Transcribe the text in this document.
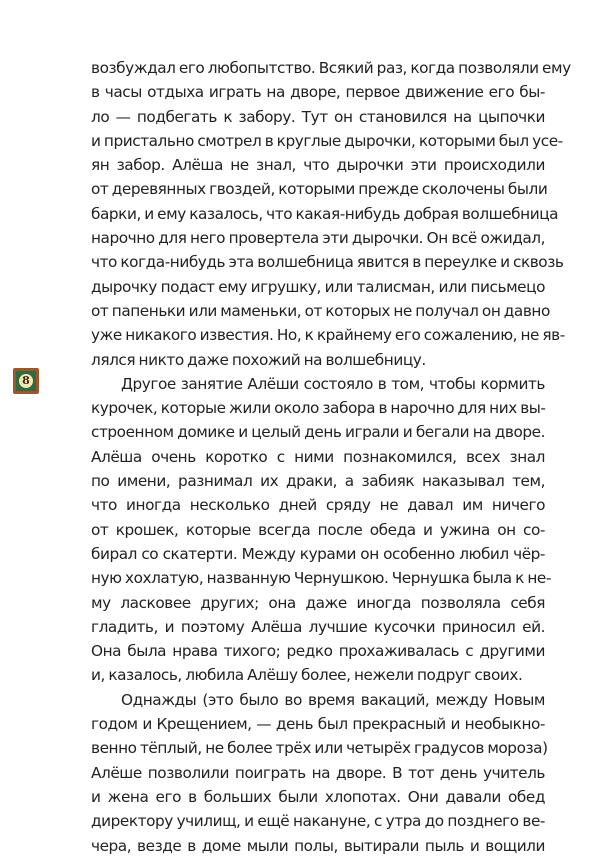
8
возбуждал его любопытство. Всякий раз, когда позволяли ему
в часы отдыха играть на дворе, первое движение его бы-
ло — подбегать к забору. Тут он становился на цыпочки
и пристально смотрел в круглые дырочки, которыми был усе-
ян забор. Алёша не знал, что дырочки эти происходили
от деревянных гвоздей, которыми прежде сколочены были
барки, и ему казалось, что какая-нибудь добрая волшебница
нарочно для него провертела эти дырочки. Он всё ожидал,
что когда-нибудь эта волшебница явится в переулке и сквозь
дырочку подаст ему игрушку, или талисман, или письмецо
от папеньки или маменьки, от которых не получал он давно
уже никакого известия. Но, к крайнему его сожалению, не яв-
лялся никто даже похожий на волшебницу.
Другое занятие Алёши состояло в том, чтобы кормить
курочек, которые жили около забора в нарочно для них вы-
строенном домике и целый день играли и бегали на дворе.
Алёша очень коротко с ними познакомился, всех знал
по имени, разнимал их драки, а забияк наказывал тем,
что иногда несколько дней сряду не давал им ничего
от крошек, которые всегда после обеда и ужина он со-
бирал со скатерти. Между курами он особенно любил чёр-
ную хохлатую, названную Чернушкою. Чернушка была к не-
му ласковее других; она даже иногда позволяла себя
гладить, и поэтому Алёша лучшие кусочки приносил ей.
Она была нрава тихого; редко прохаживалась с другими
и, казалось, любила Алёшу более, нежели подруг своих.
Однажды (это было во время вакаций, между Новым
годом и Крещением, — день был прекрасный и необыкно-
венно тёплый, не более трёх или четырёх градусов мороза)
Алёше позволили поиграть на дворе. В тот день учитель
и жена его в больших были хлопотах. Они давали обед
директору училищ, и ещё накануне, с утра до позднего ве-
чера, везде в доме мыли полы, вытирали пыль и вощили
